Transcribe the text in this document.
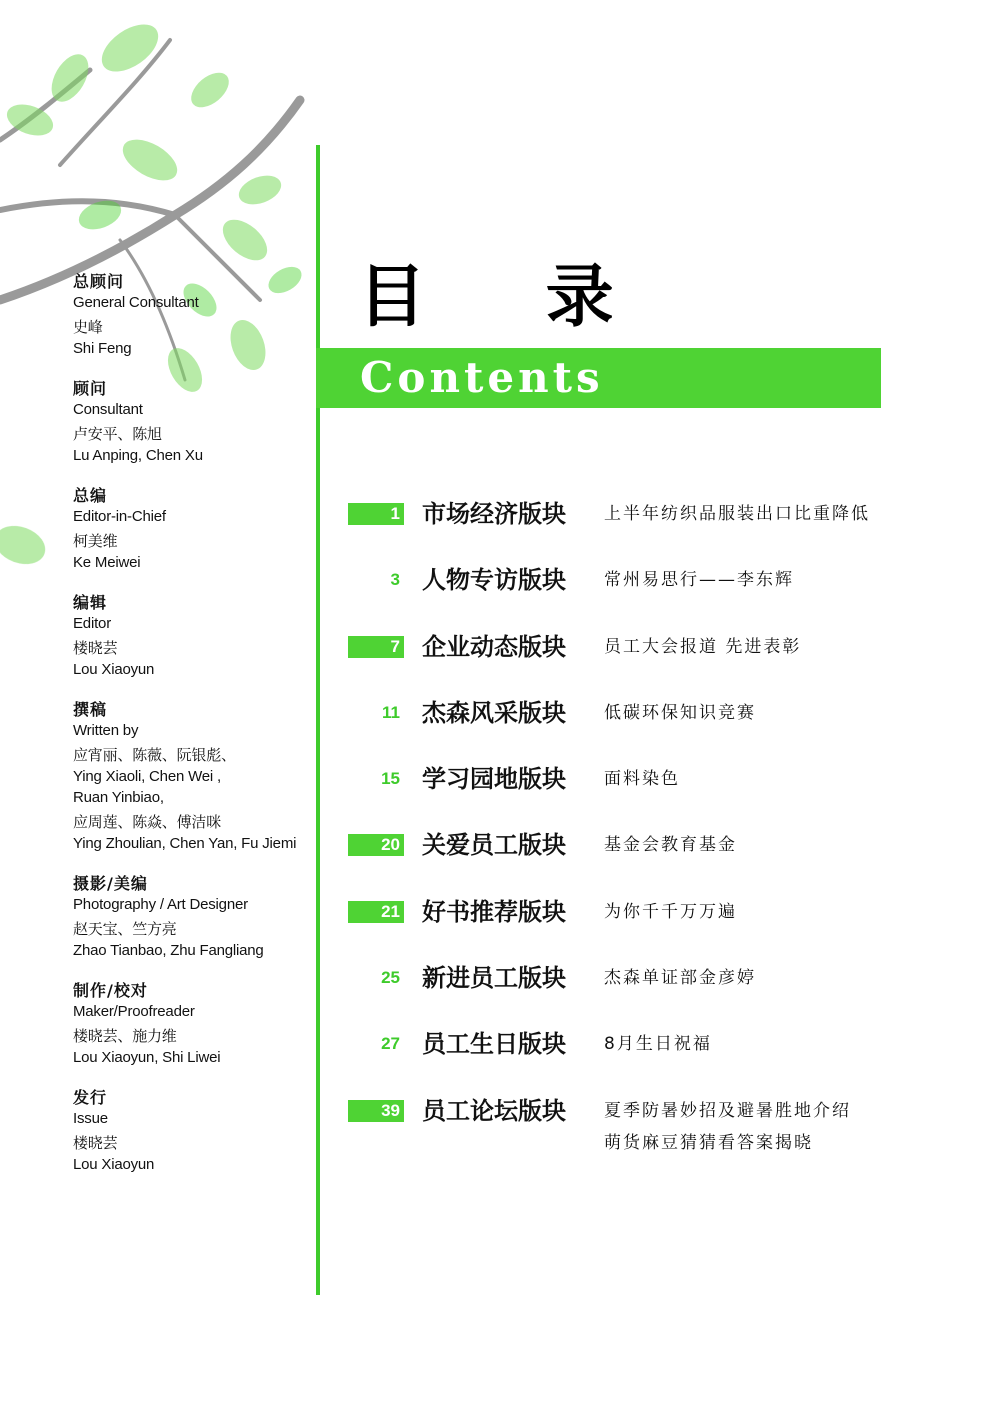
目 录
Contents
总顾问
General Consultant
史峰
Shi Feng
顾问
Consultant
卢安平、陈旭
Lu Anping, Chen Xu
总编
Editor-in-Chief
柯美维
Ke Meiwei
编辑
Editor
楼晓芸
Lou Xiaoyun
撰稿
Written by
应宵丽、陈薇、阮银彪、
Ying Xiaoli, Chen Wei ,
Ruan Yinbiao,
应周莲、陈焱、傅洁咪
Ying Zhoulian, Chen Yan, Fu Jiemi
摄影/美编
Photography / Art Designer
赵天宝、竺方亮
Zhao Tianbao, Zhu Fangliang
制作/校对
Maker/Proofreader
楼晓芸、施力维
Lou Xiaoyun, Shi Liwei
发行
Issue
楼晓芸
Lou Xiaoyun
1 市场经济版块 上半年纺织品服装出口比重降低
3 人物专访版块 常州易思行——李东辉
7 企业动态版块 员工大会报道 先进表彰
11 杰森风采版块 低碳环保知识竞赛
15 学习园地版块 面料染色
20 关爱员工版块 基金会教育基金
21 好书推荐版块 为你千千万万遍
25 新进员工版块 杰森单证部金彦婷
27 员工生日版块 8月生日祝福
39 员工论坛版块 夏季防暑妙招及避暑胜地介绍
萌货麻豆猜猜看答案揭晓
